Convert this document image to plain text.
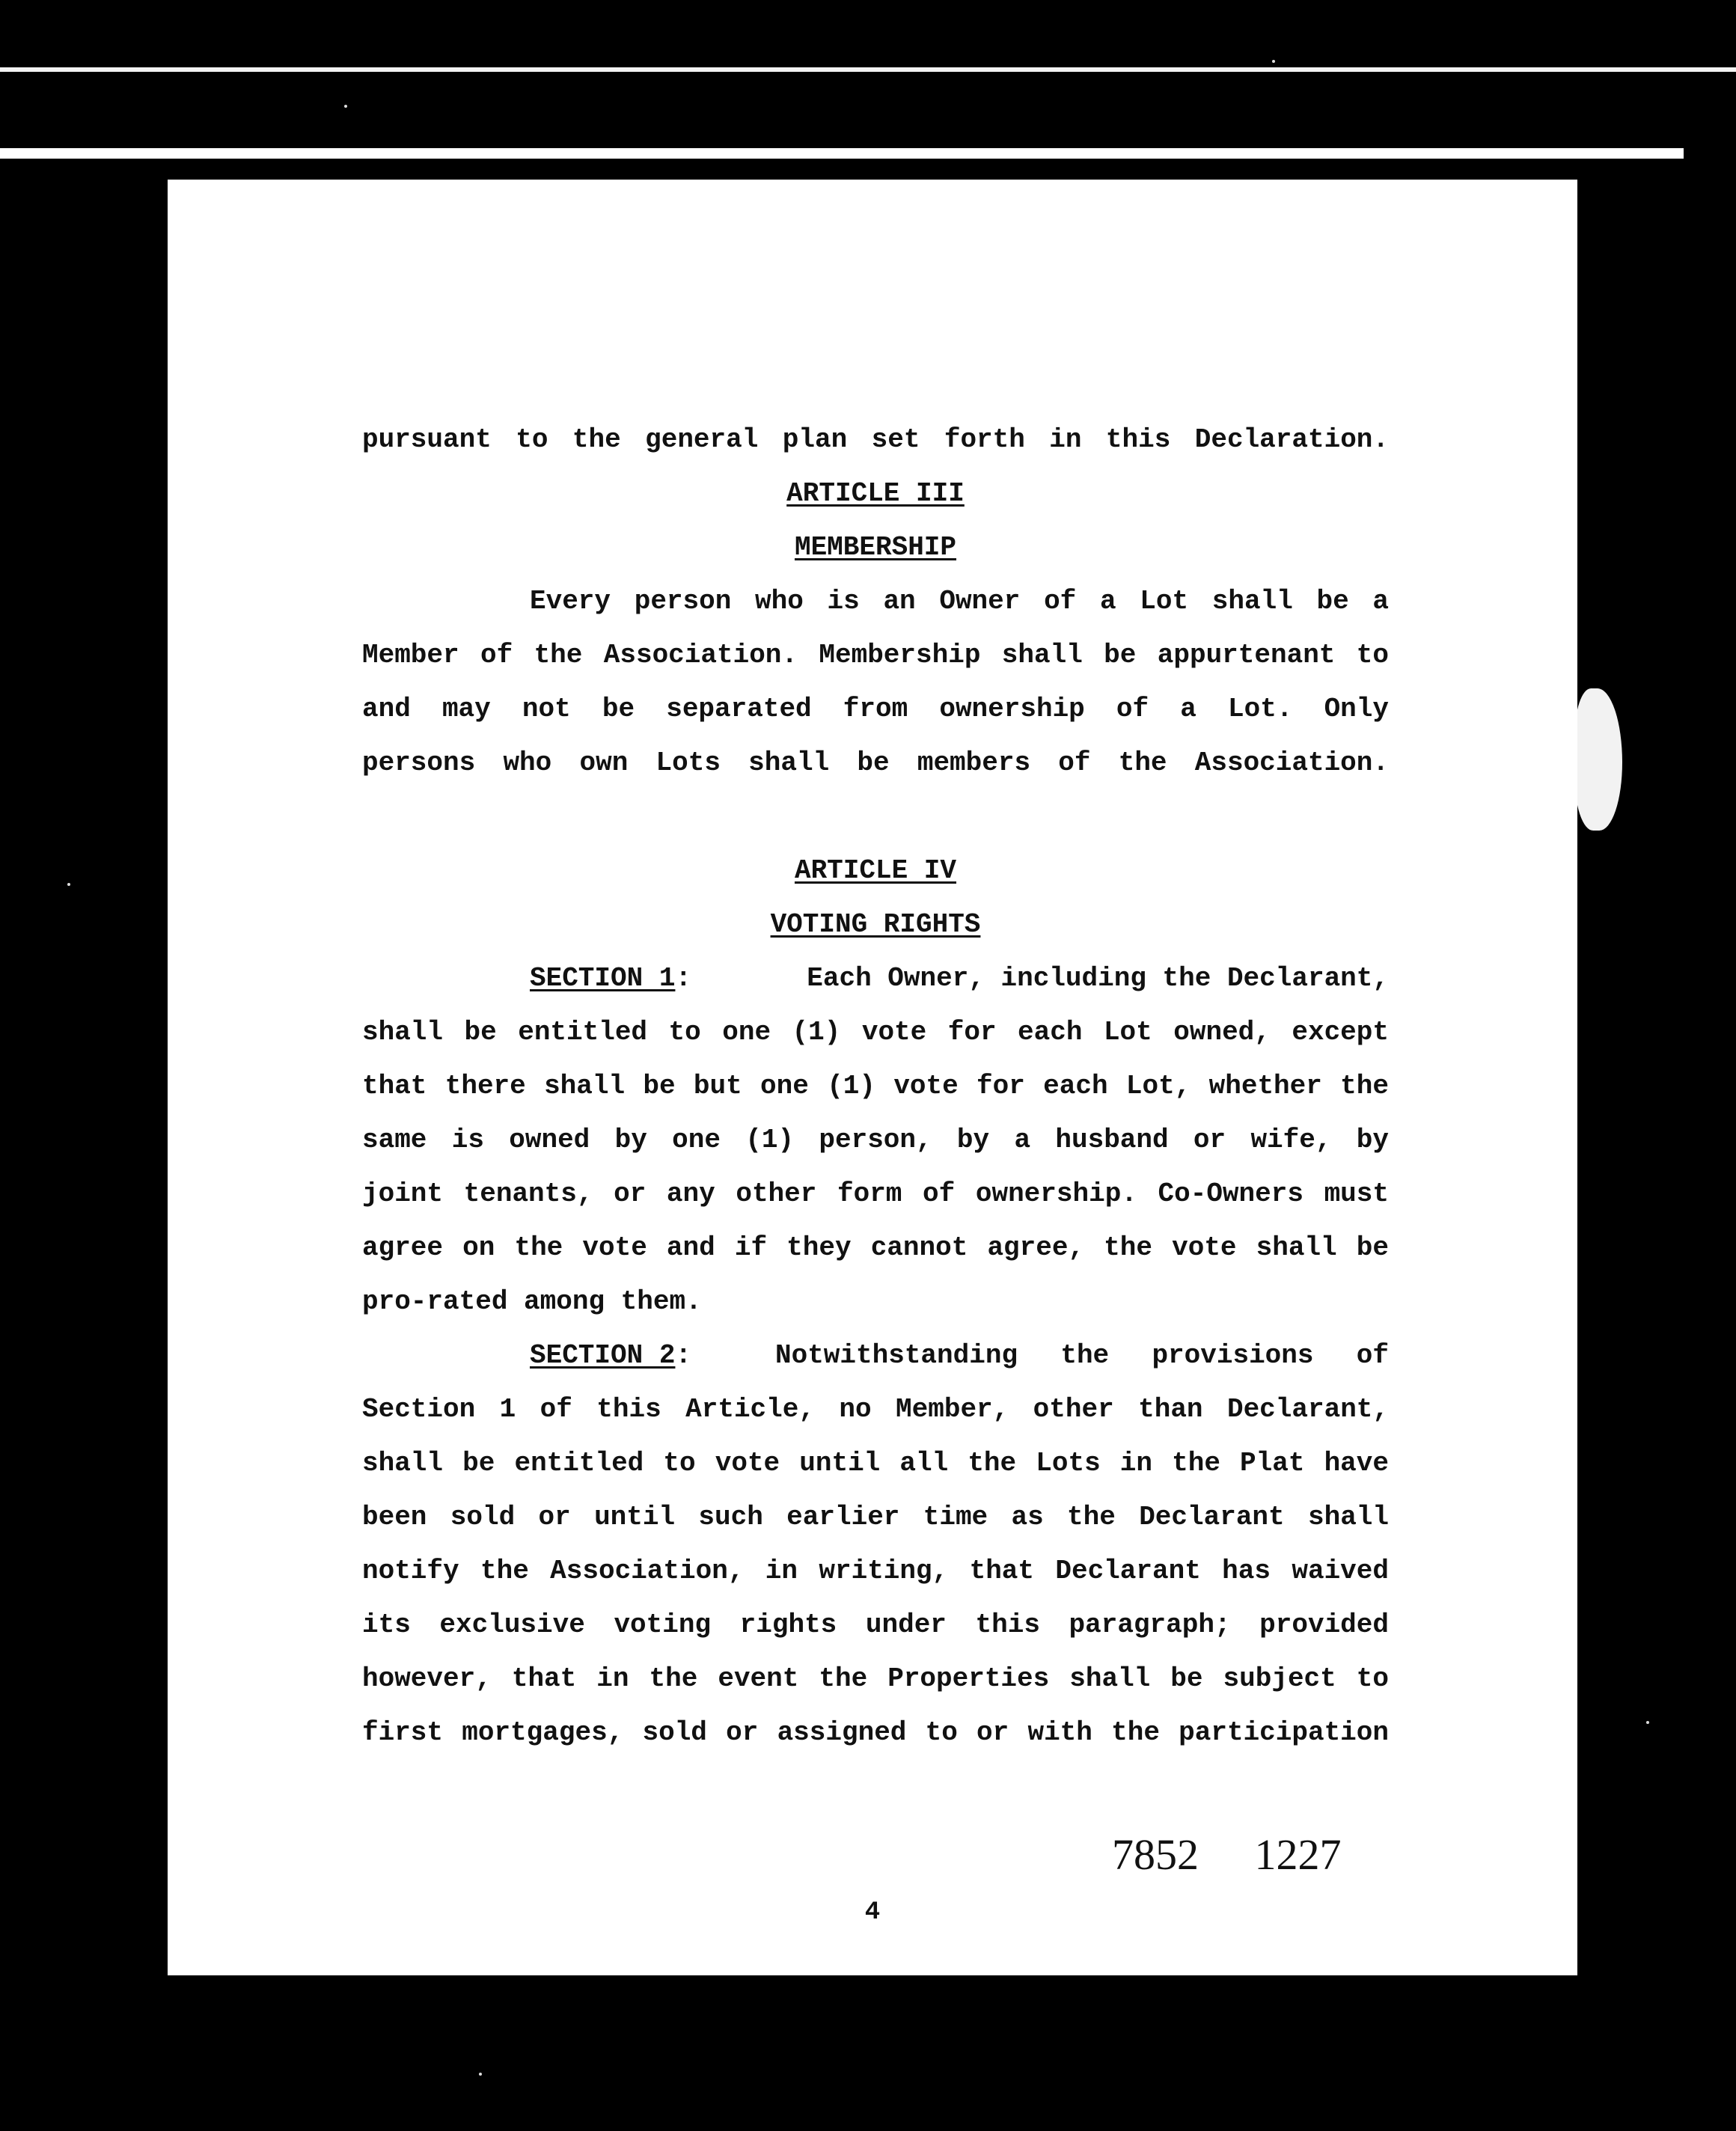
pursuant to the general plan set forth in this Declaration.
ARTICLE III
MEMBERSHIP
Every person who is an Owner of a Lot shall be a
Member of the Association. Membership shall be appurtenant to
and may not be separated from ownership of a Lot. Only
persons who own Lots shall be members of the Association.
ARTICLE IV
VOTING RIGHTS
SECTION 1:	Each Owner, including the Declarant,
shall be entitled to one (1) vote for each Lot owned, except
that there shall be but one (1) vote for each Lot, whether the
same is owned by one (1) person, by a husband or wife, by
joint tenants, or any other form of ownership. Co-Owners must
agree on the vote and if they cannot agree, the vote shall be
pro-rated among them.
SECTION 2:	Notwithstanding the provisions of
Section 1 of this Article, no Member, other than Declarant,
shall be entitled to vote until all the Lots in the Plat have
been sold or until such earlier time as the Declarant shall
notify the Association, in writing, that Declarant has waived
its exclusive voting rights under this paragraph; provided
however, that in the event the Properties shall be subject to
first mortgages, sold or assigned to or with the participation
7852 1227
4
